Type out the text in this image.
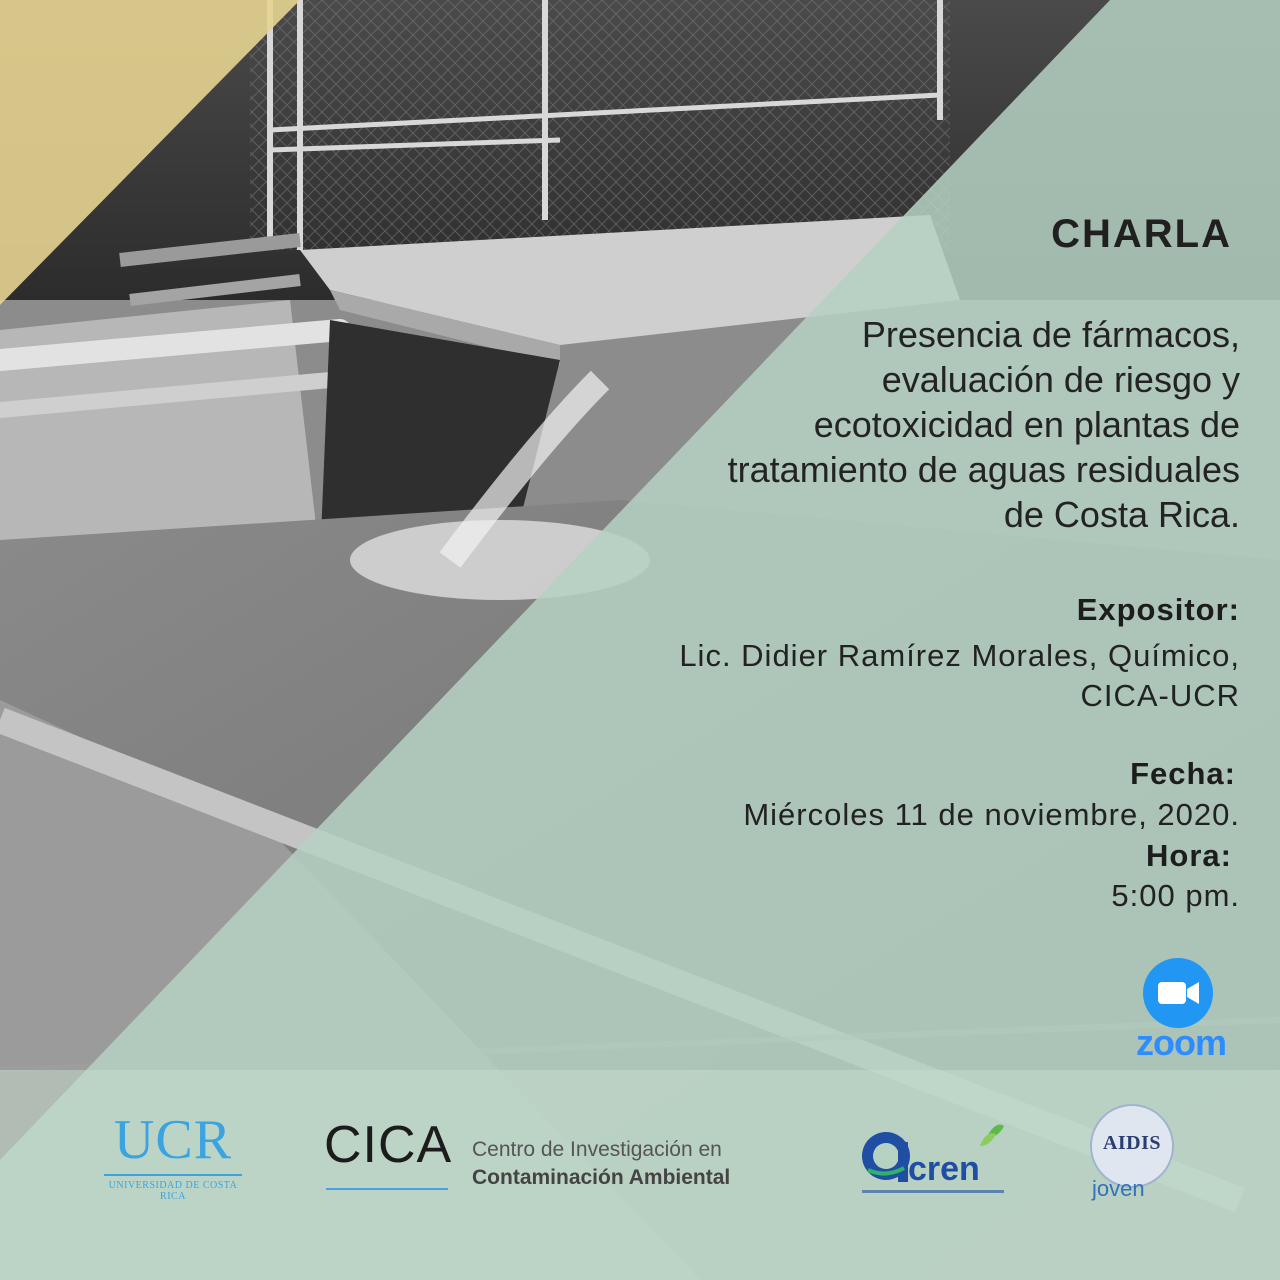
CHARLA
Presencia de fármacos, evaluación de riesgo y ecotoxicidad en plantas de tratamiento de aguas residuales de Costa Rica.
Expositor:
Lic. Didier Ramírez Morales, Químico,
CICA-UCR
Fecha:
Miércoles 11 de noviembre, 2020.
Hora:
5:00 pm.
zoom
UCR
UNIVERSIDAD DE COSTA RICA
CICA Centro de Investigación en
Contaminación Ambiental	cren
AIDIS
joven
